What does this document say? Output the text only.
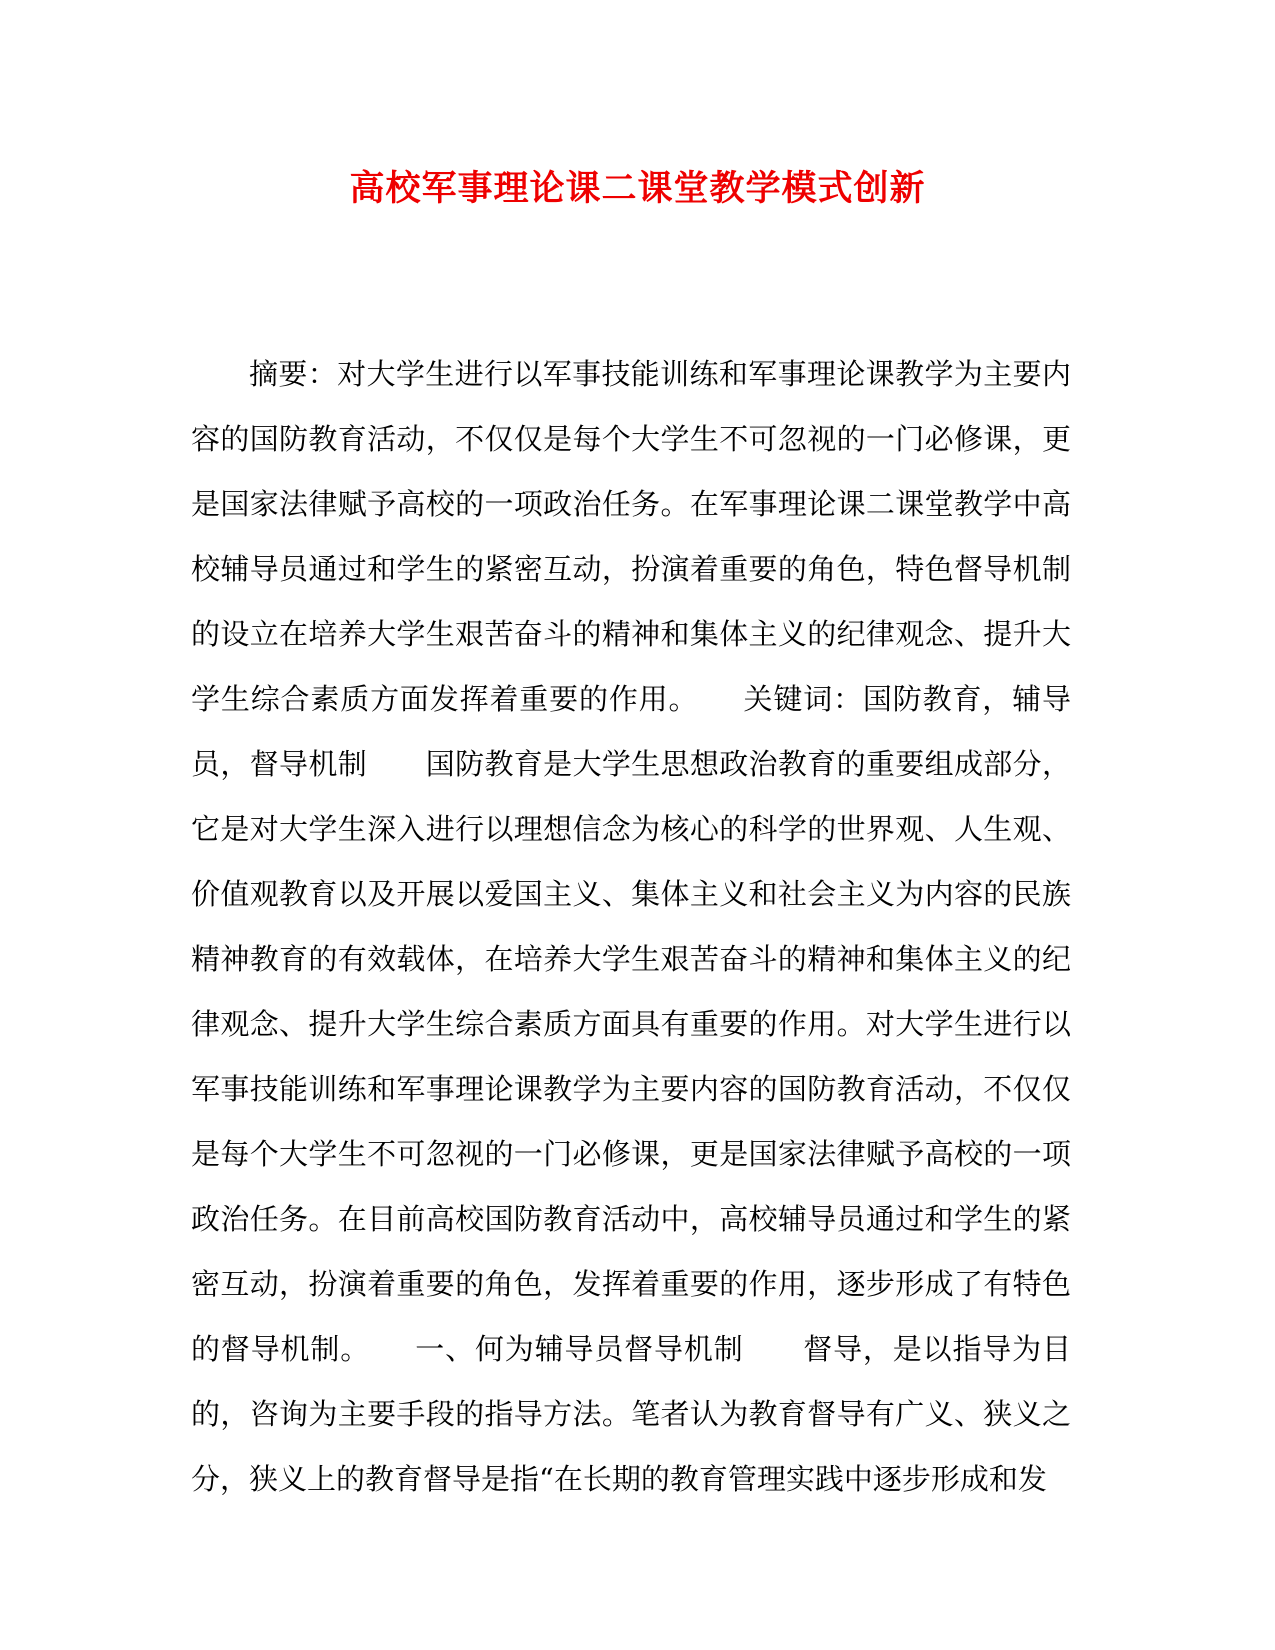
高校军事理论课二课堂教学模式创新

摘要：对大学生进行以军事技能训练和军事理论课教学为主要内容的国防教育活动，不仅仅是每个大学生不可忽视的一门必修课，更是国家法律赋予高校的一项政治任务。在军事理论课二课堂教学中高校辅导员通过和学生的紧密互动，扮演着重要的角色，特色督导机制的设立在培养大学生艰苦奋斗的精神和集体主义的纪律观念、提升大学生综合素质方面发挥着重要的作用。　　关键词：国防教育，辅导员，督导机制　　国防教育是大学生思想政治教育的重要组成部分，它是对大学生深入进行以理想信念为核心的科学的世界观、人生观、价值观教育以及开展以爱国主义、集体主义和社会主义为内容的民族精神教育的有效载体，在培养大学生艰苦奋斗的精神和集体主义的纪律观念、提升大学生综合素质方面具有重要的作用。对大学生进行以军事技能训练和军事理论课教学为主要内容的国防教育活动，不仅仅是每个大学生不可忽视的一门必修课，更是国家法律赋予高校的一项政治任务。在目前高校国防教育活动中，高校辅导员通过和学生的紧密互动，扮演着重要的角色，发挥着重要的作用，逐步形成了有特色的督导机制。　　一、何为辅导员督导机制　　督导，是以指导为目的，咨询为主要手段的指导方法。笔者认为教育督导有广义、狭义之分，狭义上的教育督导是指“在长期的教育管理实践中逐步形成和发
